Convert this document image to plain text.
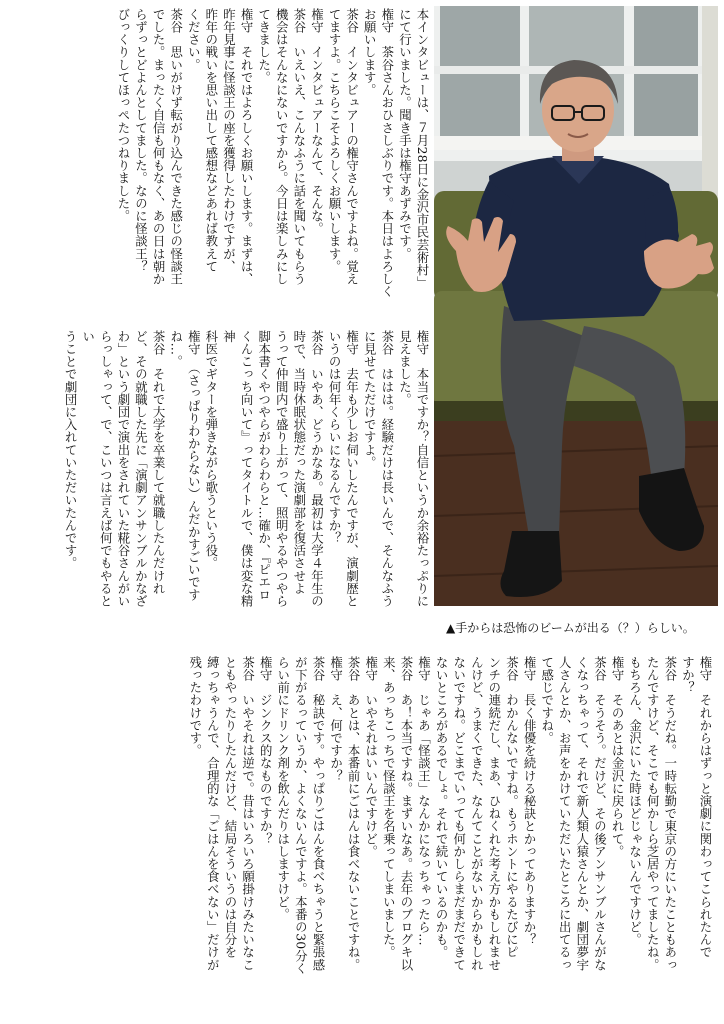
本インタビューは、７月28日に金沢市民芸術村」
にて行いました。聞き手は権守あずみです。
権守　茶谷さんおひさしぶりです。本日はよろしく
お願いします。
茶谷　インタビュアーの権守さんですよね。覚え
てますよ。こちらこそよろしくお願いします。
権守　インタビュアーなんて、そんな。
茶谷　いえいえ、こんなふうに話を聞いてもらう
機会はそんなにないですから。今日は楽しみにし
てきました。
権守　それではよろしくお願いします。まずは、
昨年見事に怪談王の座を獲得したわけですが、
昨年の戦いを思い出して感想などあれば教えて
ください。
茶谷　思いがけず転がり込んできた感じの怪談王
でした。まったく自信も何もなく、あの日は朝か
らずっとどよんとしてました。なのに怪談王？
びっくりしてほっぺたつねりました。
権守　本当ですか？自信というか余裕たっぷりに
見えました。
茶谷　ははは。経験だけは長いんで、そんなふう
に見せてただけですよ。
権守　去年も少しお伺いしたんですが、演劇歴と
いうのは何年くらいになるんですか？
茶谷　いやあ、どうかなあ。最初は大学４年生の
時で、当時休眠状態だった演劇部を復活させよ
うって仲間内で盛り上がって、照明やるやつやら
脚本書くやつやらがわらわらと…確か、『ピエロ
くんこっち向いて』ってタイトルで、僕は変な精神
科医でギターを弾きながら歌うという役。
権守　（さっぱりわからない）んだかすごいです
ね…。
茶谷　それで大学を卒業して就職したんだけれ
ど、その就職した先に「演劇アンサンブルかなざ
わ」という劇団で演出をされていた糀谷さんがい
らっしゃって、で、こいつは言えば何でもやるとい
うことで劇団に入れていただいたんです。
権守　それからはずっと演劇に関わってこられたんで
すか？
茶谷　そうだね。一時転勤で東京の方にいたこともあっ
たんですけど、そこでも何かしら芝居やってましたね。
もちろん、金沢にいた時ほどじゃないんですけど。
権守　そのあとは金沢に戻られて。
茶谷　そうそう。だけど、その後アンサンブルさんがな
くなっちゃって、それで新人類人猿さんとか、劇団夢宇
人さんとか、お声をかけていただいたところに出てるっ
て感じですね。
権守　長く俳優を続ける秘訣とかってありますか？
茶谷　わかんないですね。もうホントにやるたびにピ
ンチの連続だし、まあ、ひねくれた考え方かもしれませ
んけど、うまくできた、なんてことがないからかもしれ
ないですね。どこまでいっても何かしらまだまだできて
ないところがあるでしょ。それで続いているのかも。
権守　じゃあ「怪談王」なんかになっちゃったら…
茶谷　あ！本当ですね。まずいなあ。去年のブログキ以
来、あっちこっちで怪談王を名乗ってしまいました。
権守　いやそれはいいんですけど。
茶谷　あとは、本番前にごはんは食べないことですね。
権守　え、何ですか？
茶谷　秘訣です。やっぱりごはんを食べちゃうと緊張感
が下がるっていうか、よくないんですよ。本番の30分く
らい前にドリンク剤を飲んだりはしますけど。
権守　ジンクス的なものですか？
茶谷　いやそれは逆で。昔はいろいろ願掛けみたいなこ
ともやったりしたんだけど、結局そういうのは自分を
縛っちゃうんで、合理的な「ごはんを食べない」だけが
残ったわけです。
▲手からは恐怖のビームが出る（？）らしい。
